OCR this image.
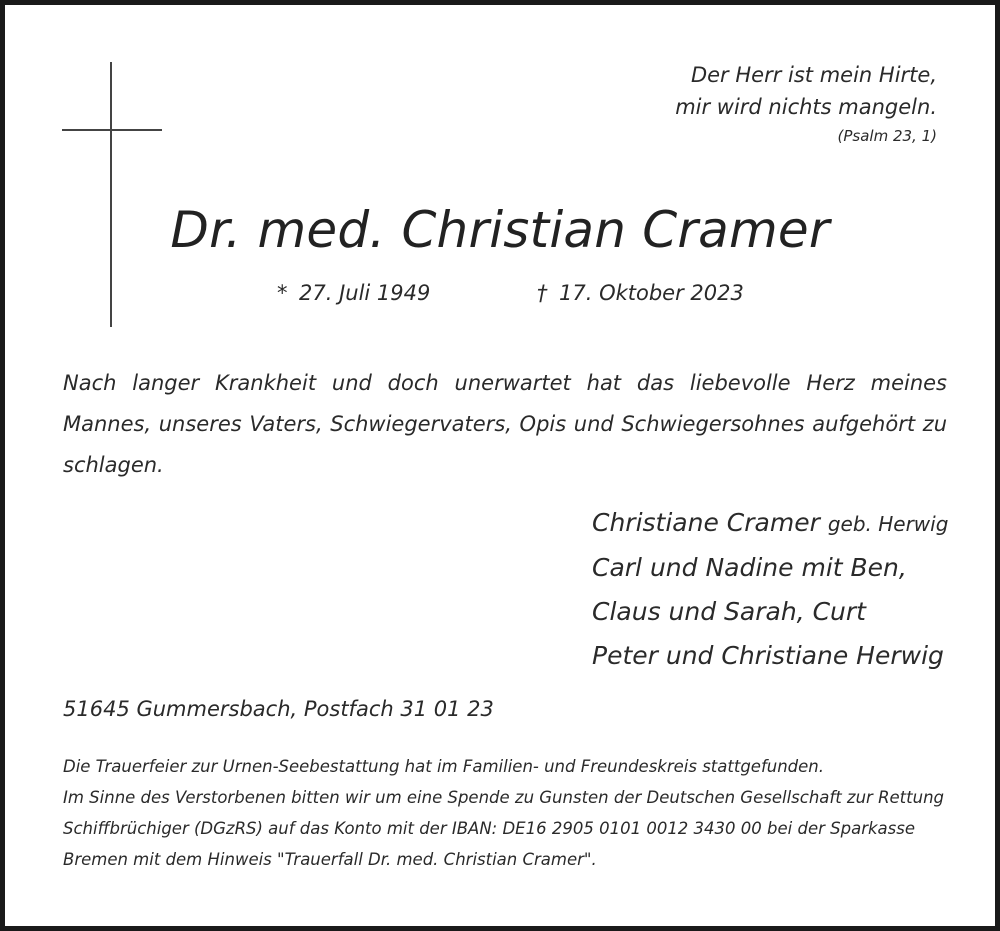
Der Herr ist mein Hirte,
mir wird nichts mangeln.
(Psalm 23, 1)
Dr. med. Christian Cramer
* 27. Juli 1949	† 17. Oktober 2023
Nach langer Krankheit und doch unerwartet hat das liebevolle Herz meines Mannes, unseres Vaters, Schwiegervaters, Opis und Schwiegersohnes aufgehört zu schlagen.
Christiane Cramer geb. Herwig
Carl und Nadine mit Ben,
Claus und Sarah, Curt
Peter und Christiane Herwig
51645 Gummersbach, Postfach 31 01 23
Die Trauerfeier zur Urnen-Seebestattung hat im Familien- und Freundeskreis stattgefunden.
Im Sinne des Verstorbenen bitten wir um eine Spende zu Gunsten der Deutschen Gesellschaft zur Rettung Schiffbrüchiger (DGzRS) auf das Konto mit der IBAN: DE16 2905 0101 0012 3430 00 bei der Sparkasse Bremen mit dem Hinweis "Trauerfall Dr. med. Christian Cramer".
